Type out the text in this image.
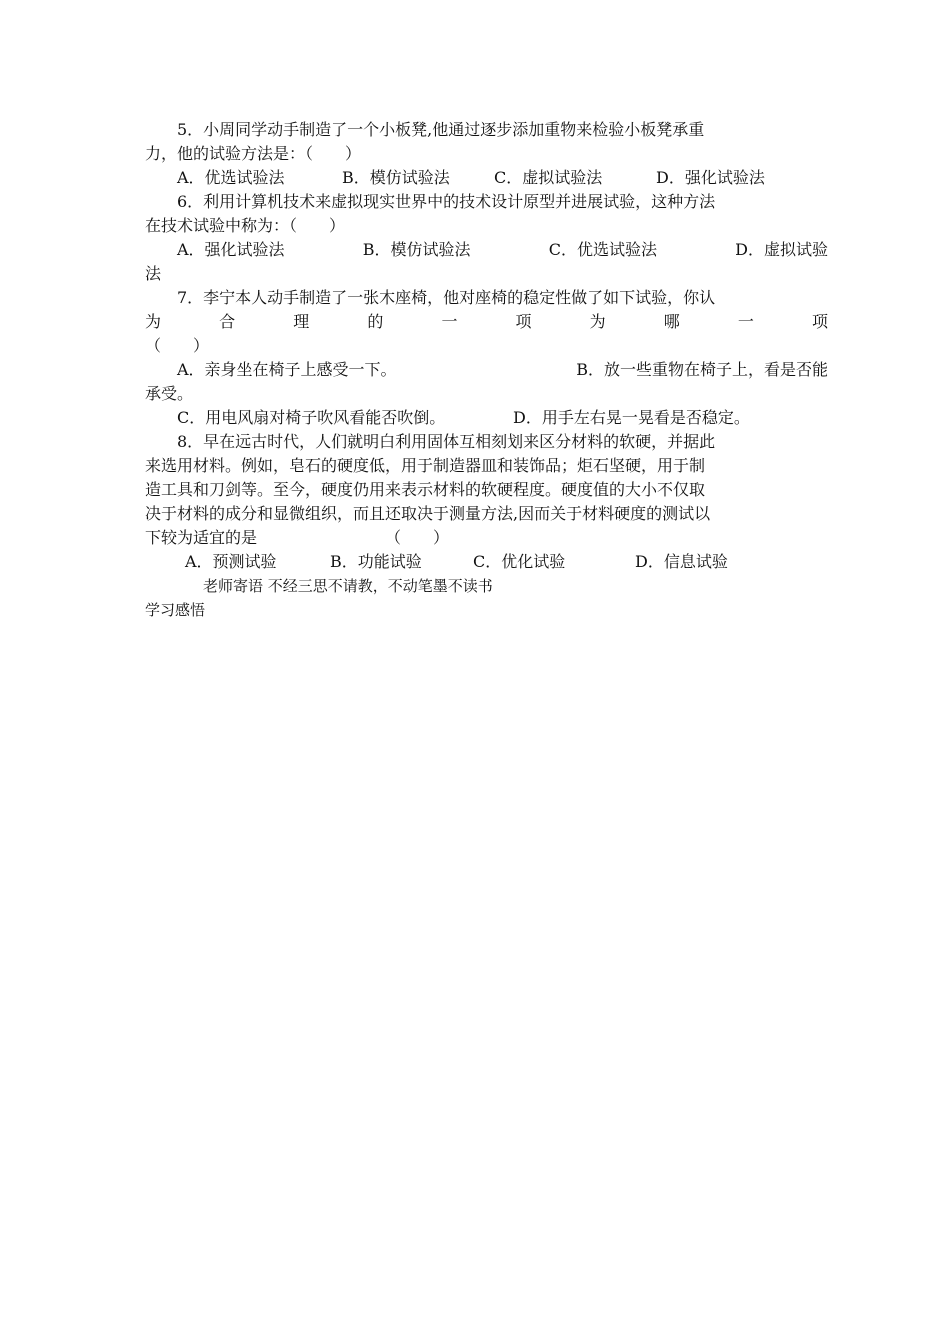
5．小周同学动手制造了一个小板凳,他通过逐步添加重物来检验小板凳承重
力，他的试验方法是：（　　）
A．优选试验法	B．模仿试验法	C．虚拟试验法	D．强化试验法
6．利用计算机技术来虚拟现实世界中的技术设计原型并进展试验，这种方法
在技术试验中称为：（　　）
A．强化试验法	B．模仿试验法	C．优选试验法	D．虚拟试验
法
7．李宁本人动手制造了一张木座椅，他对座椅的稳定性做了如下试验，你认
为	合	理	的	一	项	为	哪	一	项
（　　）
A．亲身坐在椅子上感受一下。	B．放一些重物在椅子上，看是否能
承受。
C．用电风扇对椅子吹风看能否吹倒。	D．用手左右晃一晃看是否稳定。
8．早在远古时代，人们就明白利用固体互相刻划来区分材料的软硬，并据此
来选用材料。例如，皂石的硬度低，用于制造器皿和装饰品；炬石坚硬，用于制
造工具和刀剑等。至今，硬度仍用来表示材料的软硬程度。硬度值的大小不仅取
决于材料的成分和显微组织，而且还取决于测量方法,因而关于材料硬度的测试以
下较为适宜的是	（　　）
A．预测试验	B．功能试验	C．优化试验	D．信息试验
老师寄语 不经三思不请教，不动笔墨不读书
学习感悟
